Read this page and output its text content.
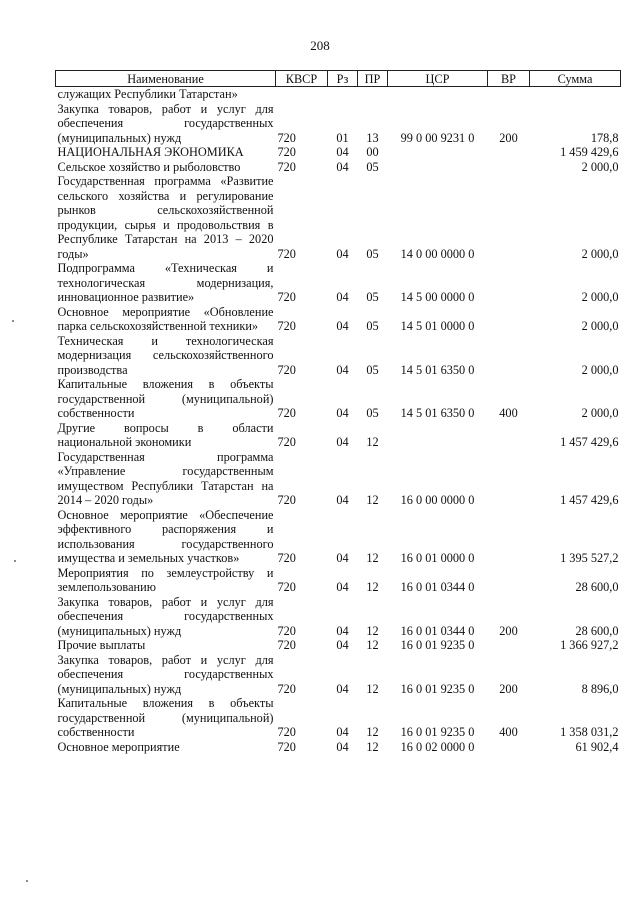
208
Наименование	КВСР	Рз	ПР	ЦСР	ВР	Сумма
служащих Республики Татарстан»						
Закупка товаров, работ и услуг для обеспечения государственных (муниципальных) нужд	720	01	13	99 0 00 9231 0	200	178,8
НАЦИОНАЛЬНАЯ ЭКОНОМИКА	720	04	00			1 459 429,6
Сельское хозяйство и рыболовство	720	04	05			2 000,0
Государственная программа «Развитие сельского хозяйства и регулирование рынков сельскохозяйственной продукции, сырья и продовольствия в Республике Татарстан на 2013 – 2020 годы»	720	04	05	14 0 00 0000 0		2 000,0
Подпрограмма «Техническая и технологическая модернизация, инновационное развитие»	720	04	05	14 5 00 0000 0		2 000,0
Основное мероприятие «Обновление парка сельскохозяйственной техники»	720	04	05	14 5 01 0000 0		2 000,0
Техническая и технологическая модернизация сельскохозяйственного производства	720	04	05	14 5 01 6350 0		2 000,0
Капитальные вложения в объекты государственной (муниципальной) собственности	720	04	05	14 5 01 6350 0	400	2 000,0
Другие вопросы в области национальной экономики	720	04	12			1 457 429,6
Государственная программа «Управление государственным имуществом Республики Татарстан на 2014 – 2020 годы»	720	04	12	16 0 00 0000 0		1 457 429,6
Основное мероприятие «Обеспечение эффективного распоряжения и использования государственного имущества и земельных участков»	720	04	12	16 0 01 0000 0		1 395 527,2
Мероприятия по землеустройству и землепользованию	720	04	12	16 0 01 0344 0		28 600,0
Закупка товаров, работ и услуг для обеспечения государственных (муниципальных) нужд	720	04	12	16 0 01 0344 0	200	28 600,0
Прочие выплаты	720	04	12	16 0 01 9235 0		1 366 927,2
Закупка товаров, работ и услуг для обеспечения государственных (муниципальных) нужд	720	04	12	16 0 01 9235 0	200	8 896,0
Капитальные вложения в объекты государственной (муниципальной) собственности	720	04	12	16 0 01 9235 0	400	1 358 031,2
Основное мероприятие	720	04	12	16 0 02 0000 0		61 902,4
